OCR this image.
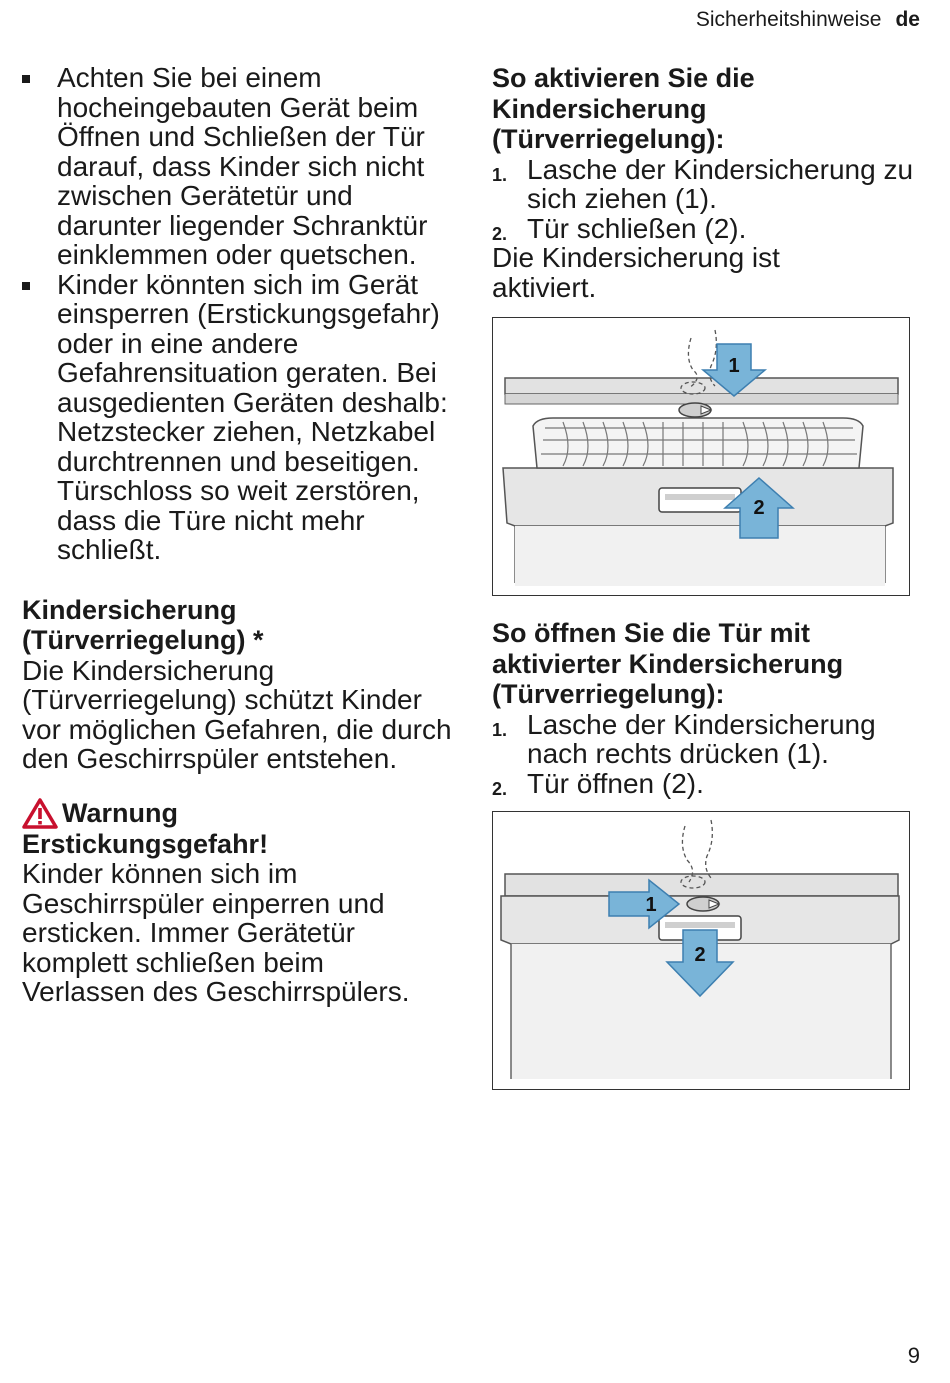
Sicherheitshinweise de
Achten Sie bei einem hocheingebauten Gerät beim Öffnen und Schließen der Tür darauf, dass Kinder sich nicht zwischen Gerätetür und darunter liegender Schranktür einklemmen oder quetschen.
Kinder könnten sich im Gerät einsperren (Erstickungsgefahr) oder in eine andere Gefahrensituation geraten. Bei ausgedienten Geräten deshalb: Netzstecker ziehen, Netzkabel durchtrennen und beseitigen. Türschloss so weit zerstören, dass die Türe nicht mehr schließt.
Kindersicherung (Türverriegelung) *
Die Kindersicherung (Türverriegelung) schützt Kinder vor möglichen Gefahren, die durch den Geschirrspüler entstehen.
Warnung
Erstickungsgefahr!
Kinder können sich im Geschirrspüler einperren und ersticken. Immer Gerätetür komplett schließen beim Verlassen des Geschirrspülers.
So aktivieren Sie die Kindersicherung (Türverriegelung):
1. Lasche der Kindersicherung zu sich ziehen (1).
2. Tür schließen (2).
Die Kindersicherung ist aktiviert.
1
2
So öffnen Sie die Tür mit aktivierter Kindersicherung (Türverriegelung):
1. Lasche der Kindersicherung nach rechts drücken (1).
2. Tür öffnen (2).
1
2
9
